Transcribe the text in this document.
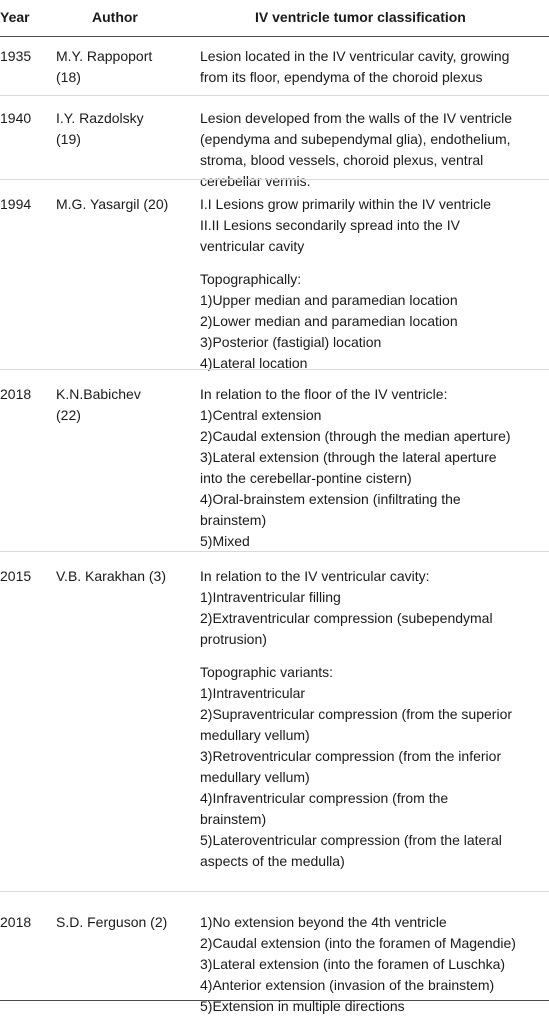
Year	Author	IV ventricle tumor classification
1935 M.Y. Rappoport
(18)
Lesion located in the IV ventricular cavity, growing
from its floor, ependyma of the choroid plexus
1940 I.Y. Razdolsky
(19)
Lesion developed from the walls of the IV ventricle
(ependyma and subependymal glia), endothelium,
stroma, blood vessels, choroid plexus, ventral
cerebellar vermis.
1994 M.G. Yasargil (20) I.I Lesions grow primarily within the IV ventricle
II.II Lesions secondarily spread into the IV
ventricular cavity
Topographically:
1)Upper median and paramedian location
2)Lower median and paramedian location
3)Posterior (fastigial) location
4)Lateral location
2018 K.N.Babichev
(22)
In relation to the floor of the IV ventricle:
1)Central extension
2)Caudal extension (through the median aperture)
3)Lateral extension (through the lateral aperture
into the cerebellar-pontine cistern)
4)Oral-brainstem extension (infiltrating the
brainstem)
5)Mixed
2015 V.B. Karakhan (3) In relation to the IV ventricular cavity:
1)Intraventricular filling
2)Extraventricular compression (subependymal
protrusion)
Topographic variants:
1)Intraventricular
2)Supraventricular compression (from the superior
medullary vellum)
3)Retroventricular compression (from the inferior
medullary vellum)
4)Infraventricular compression (from the
brainstem)
5)Lateroventricular compression (from the lateral
aspects of the medulla)
2018 S.D. Ferguson (2) 1)No extension beyond the 4th ventricle
2)Caudal extension (into the foramen of Magendie)
3)Lateral extension (into the foramen of Luschka)
4)Anterior extension (invasion of the brainstem)
5)Extension in multiple directions
